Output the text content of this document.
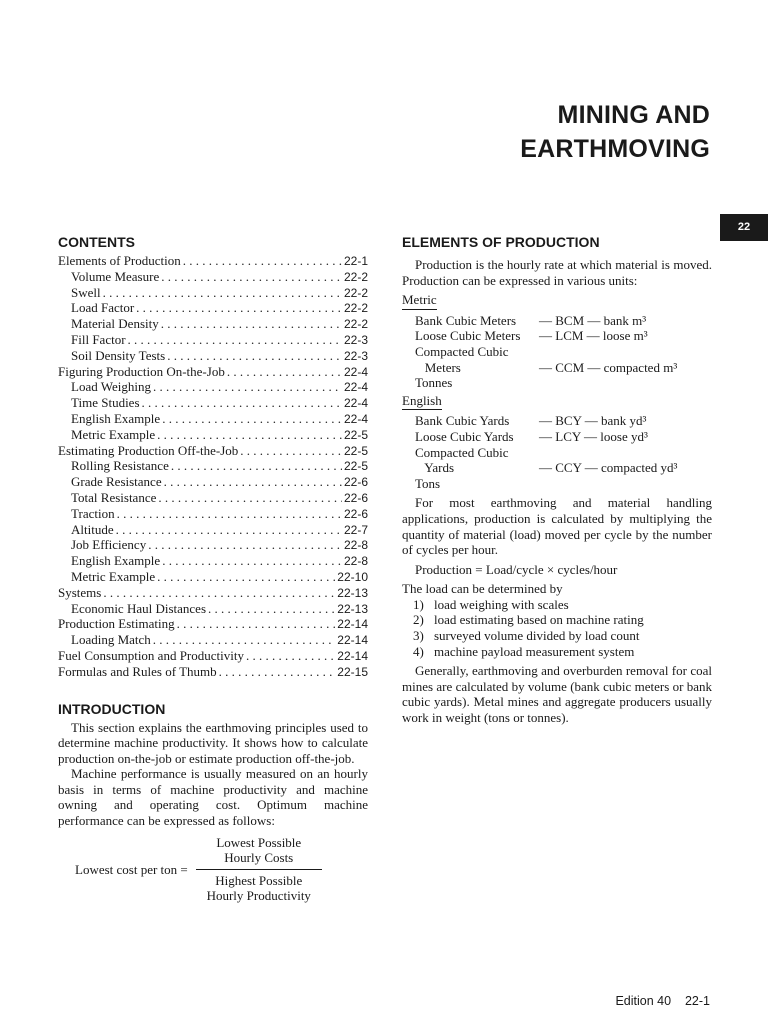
MINING AND
EARTHMOVING
22
CONTENTS
Elements of Production . . .	22-1
Volume Measure . . .	22-2
Swell . . .	22-2
Load Factor . . .	22-2
Material Density . . .	22-2
Fill Factor . . .	22-3
Soil Density Tests . . .	22-3
Figuring Production On-the-Job . . .	22-4
Load Weighing . . .	22-4
Time Studies . . .	22-4
English Example . . .	22-4
Metric Example . . .	22-5
Estimating Production Off-the-Job . . .	22-5
Rolling Resistance . . .	22-5
Grade Resistance . . .	22-6
Total Resistance . . .	22-6
Traction . . .	22-6
Altitude . . .	22-7
Job Efficiency . . .	22-8
English Example . . .	22-8
Metric Example . . .	22-10
Systems . . .	22-13
Economic Haul Distances . . .	22-13
Production Estimating . . .	22-14
Loading Match . . .	22-14
Fuel Consumption and Productivity . . .	22-14
Formulas and Rules of Thumb . . .	22-15
INTRODUCTION

This section explains the earthmoving principles used to determine machine productivity. It shows how to calculate production on-the-job or estimate production off-the-job.

Machine performance is usually measured on an hourly basis in terms of machine productivity and machine owning and operating cost. Optimum machine performance can be expressed as follows:

Lowest cost per ton = Lowest Possible
Hourly Costs
Highest Possible
Hourly Productivity
ELEMENTS OF PRODUCTION

Production is the hourly rate at which material is moved. Production can be expressed in various units:

Metric
Bank Cubic Meters	— BCM — bank m³
Loose Cubic Meters	— LCM — loose m³
Compacted Cubic
Meters	— CCM — compacted m³
Tonnes
English
Bank Cubic Yards	— BCY — bank yd³
Loose Cubic Yards	— LCY — loose yd³
Compacted Cubic
Yards	— CCY — compacted yd³
Tons

For most earthmoving and material handling applications, production is calculated by multiplying the quantity of material (load) moved per cycle by the number of cycles per hour.

Production = Load/cycle × cycles/hour

The load can be determined by

1) load weighing with scales
2) load estimating based on machine rating
3) surveyed volume divided by load count
4) machine payload measurement system

Generally, earthmoving and overburden removal for coal mines are calculated by volume (bank cubic meters or bank cubic yards). Metal mines and aggregate producers usually work in weight (tons or tonnes).

Edition 40 22-1
